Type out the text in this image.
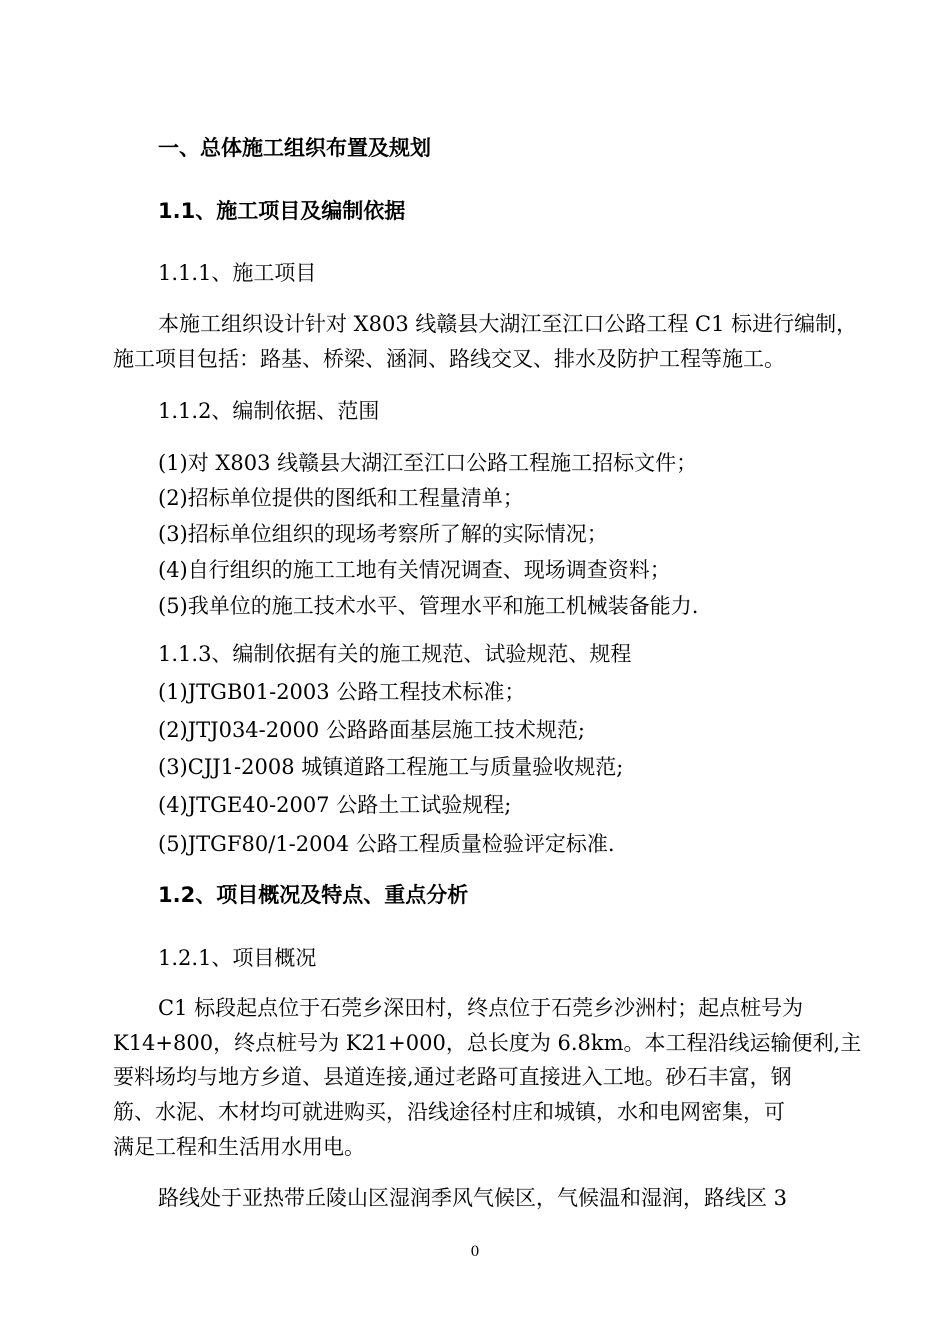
一、总体施工组织布置及规划
1.1、施工项目及编制依据
1.1.1、施工项目
本施工组织设计针对 X803 线赣县大湖江至江口公路工程 C1 标进行编制，
施工项目包括：路基、桥梁、涵洞、路线交叉、排水及防护工程等施工。
1.1.2、编制依据、范围
(1)对 X803 线赣县大湖江至江口公路工程施工招标文件；
(2)招标单位提供的图纸和工程量清单；
(3)招标单位组织的现场考察所了解的实际情况；
(4)自行组织的施工工地有关情况调查、现场调查资料；
(5)我单位的施工技术水平、管理水平和施工机械装备能力.
1.1.3、编制依据有关的施工规范、试验规范、规程
(1)JTGB01-2003 公路工程技术标准；
(2)JTJ034-2000 公路路面基层施工技术规范;
(3)CJJ1-2008 城镇道路工程施工与质量验收规范;
(4)JTGE40-2007 公路土工试验规程;
(5)JTGF80/1-2004 公路工程质量检验评定标准.
1.2、项目概况及特点、重点分析
1.2.1、项目概况
C1 标段起点位于石莞乡深田村，终点位于石莞乡沙洲村；起点桩号为
K14+800，终点桩号为 K21+000，总长度为 6.8km。本工程沿线运输便利,主
要料场均与地方乡道、县道连接,通过老路可直接进入工地。砂石丰富，钢
筋、水泥、木材均可就进购买，沿线途径村庄和城镇，水和电网密集，可
满足工程和生活用水用电。
路线处于亚热带丘陵山区湿润季风气候区，气候温和湿润，路线区 3
0
